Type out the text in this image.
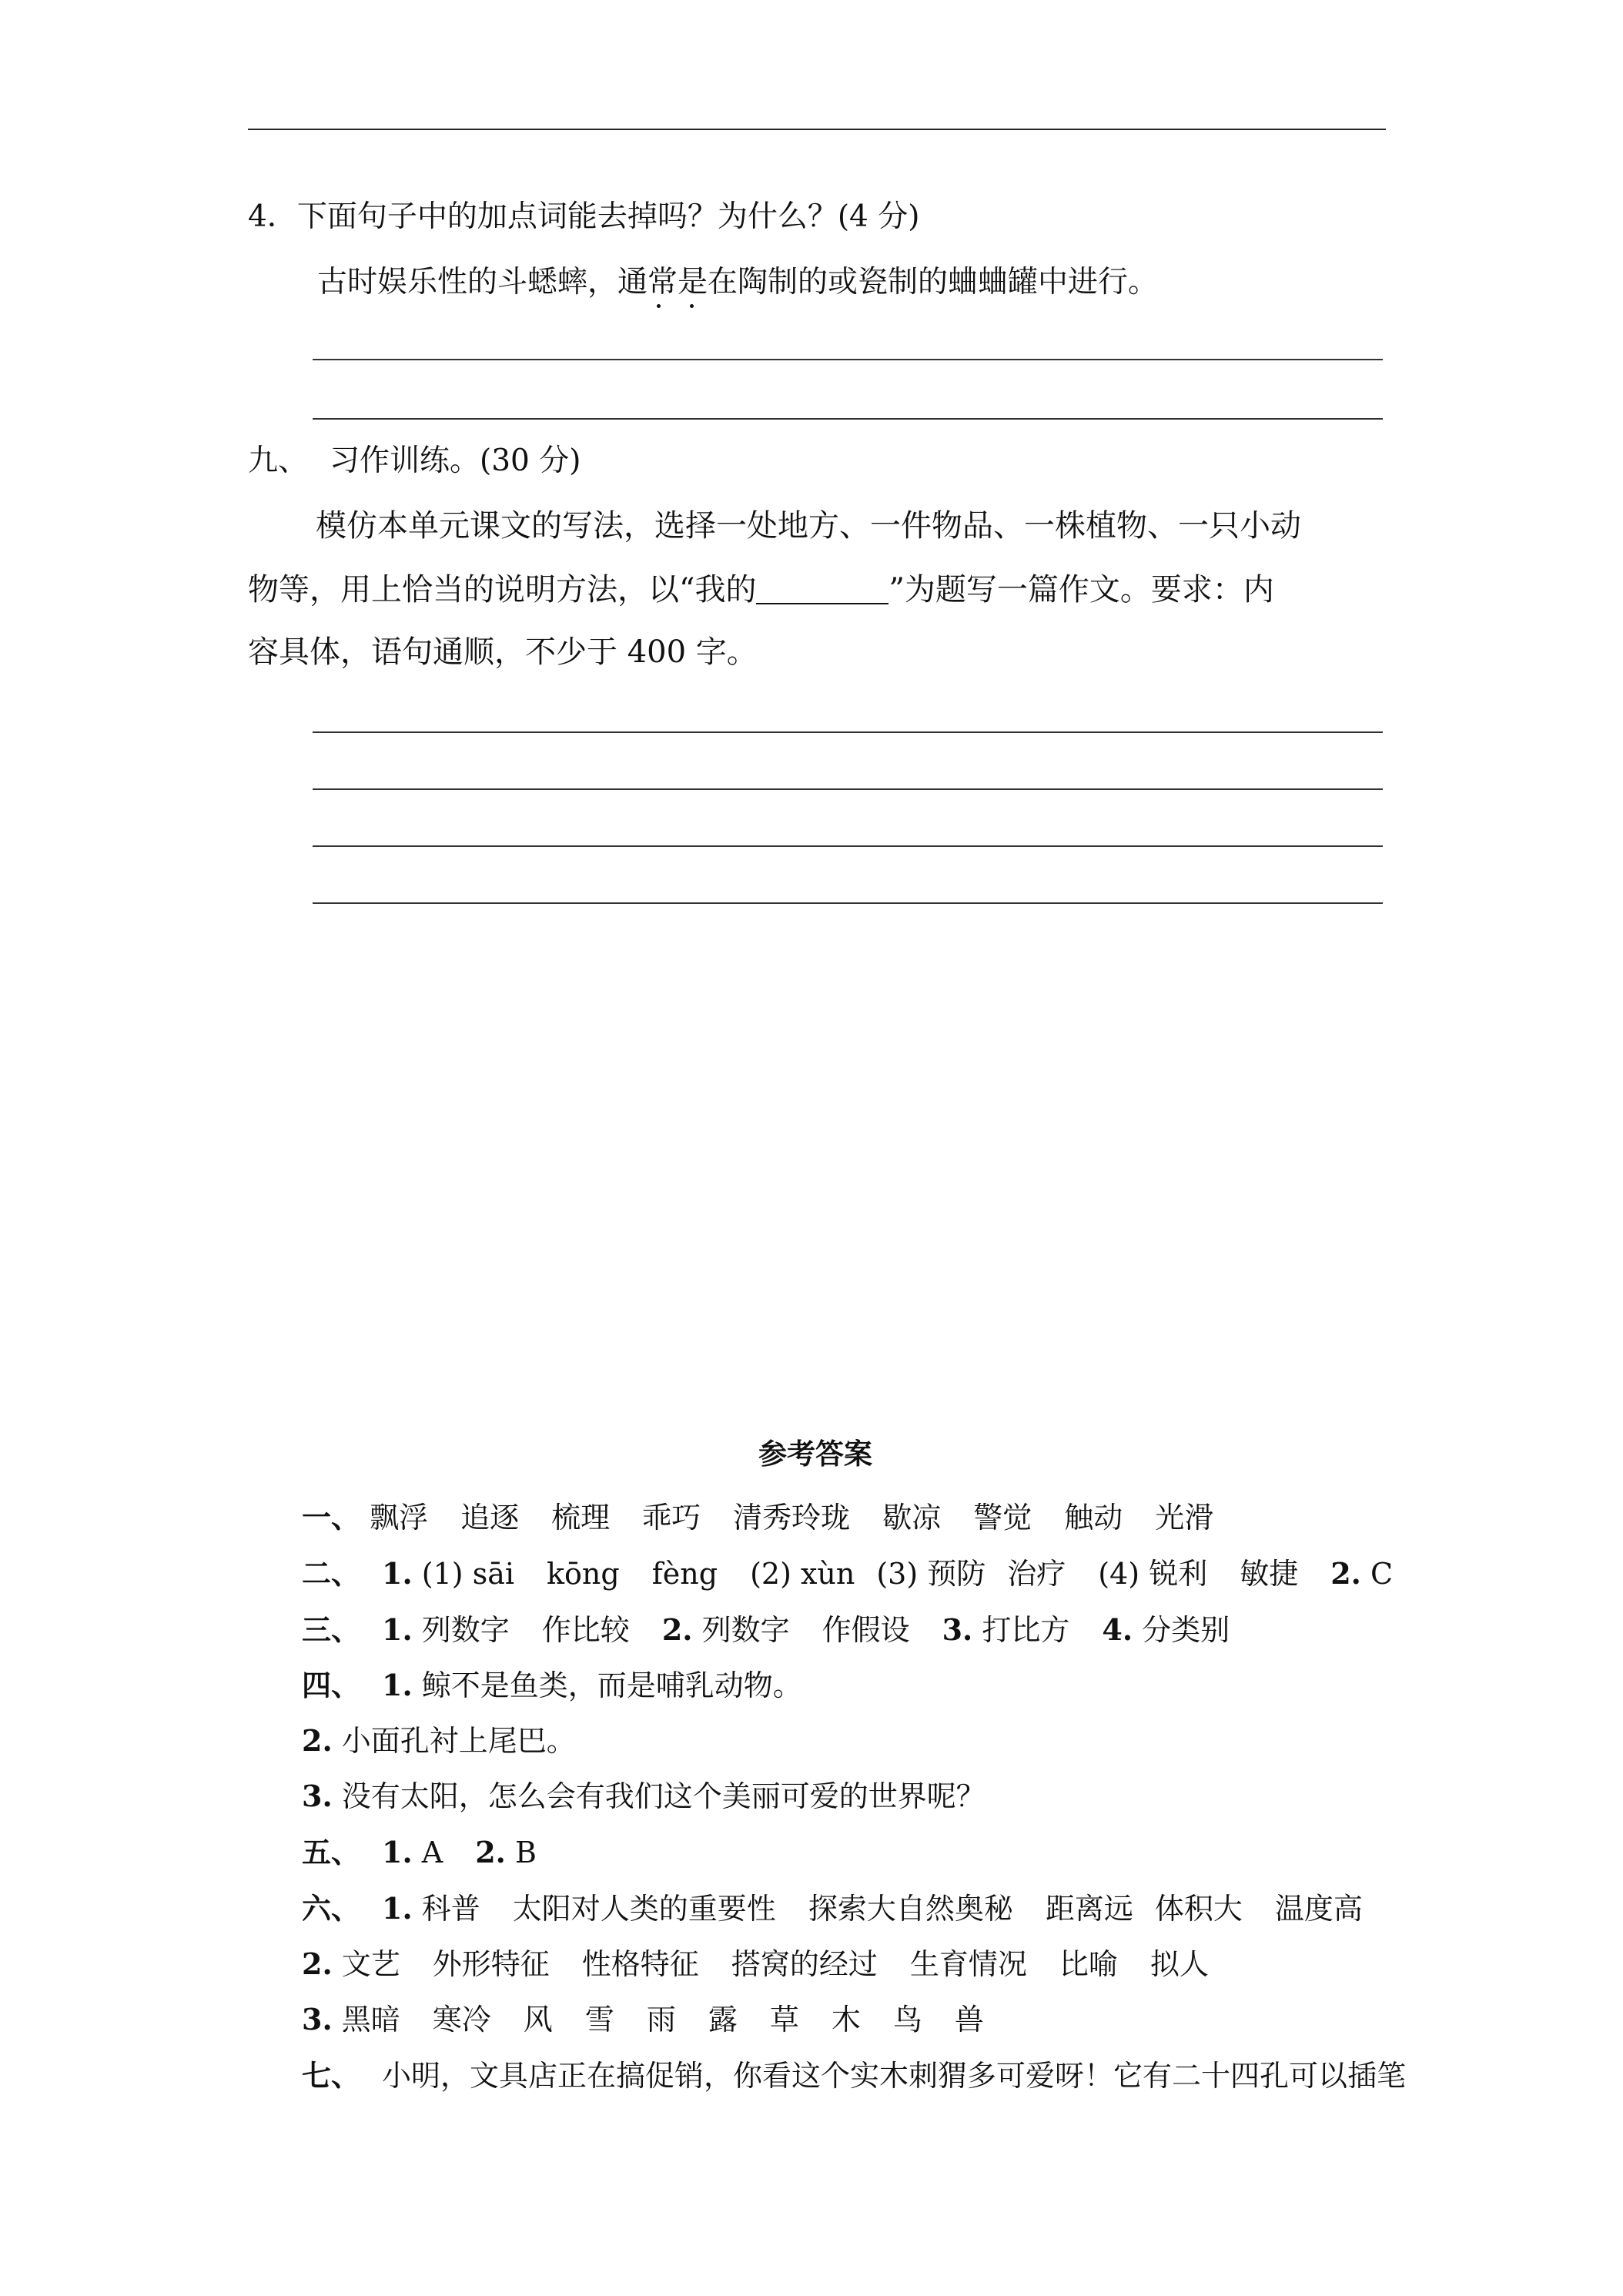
4．下面句子中的加点词能去掉吗？为什么？(4 分)
古时娱乐性的斗蟋蟀，通常是在陶制的或瓷制的蛐蛐罐中进行。
九、 习作训练。(30 分)
模仿本单元课文的写法，选择一处地方、一件物品、一株植物、一只小动
物等，用上恰当的说明方法，以“我的	”为题写一篇作文。要求：内
容具体，语句通顺，不少于 400 字。
参考答案
一、 飘浮 追逐 梳理 乖巧 清秀玲珑 歇凉 警觉 触动 光滑
二、 1. (1) sāi kōng fèng (2) xùn (3) 预防 治疗 (4) 锐利 敏捷 2. C
三、 1. 列数字 作比较 2. 列数字 作假设 3. 打比方 4. 分类别
四、 1. 鲸不是鱼类，而是哺乳动物。
2. 小面孔衬上尾巴。
3. 没有太阳，怎么会有我们这个美丽可爱的世界呢？
五、 1. A 2. B
六、 1. 科普 太阳对人类的重要性 探索大自然奥秘 距离远 体积大 温度高
2. 文艺 外形特征 性格特征 搭窝的经过 生育情况 比喻 拟人
3. 黑暗 寒冷 风 雪 雨 露 草 木 鸟 兽
七、 小明，文具店正在搞促销，你看这个实木刺猬多可爱呀！它有二十四孔可以插笔
